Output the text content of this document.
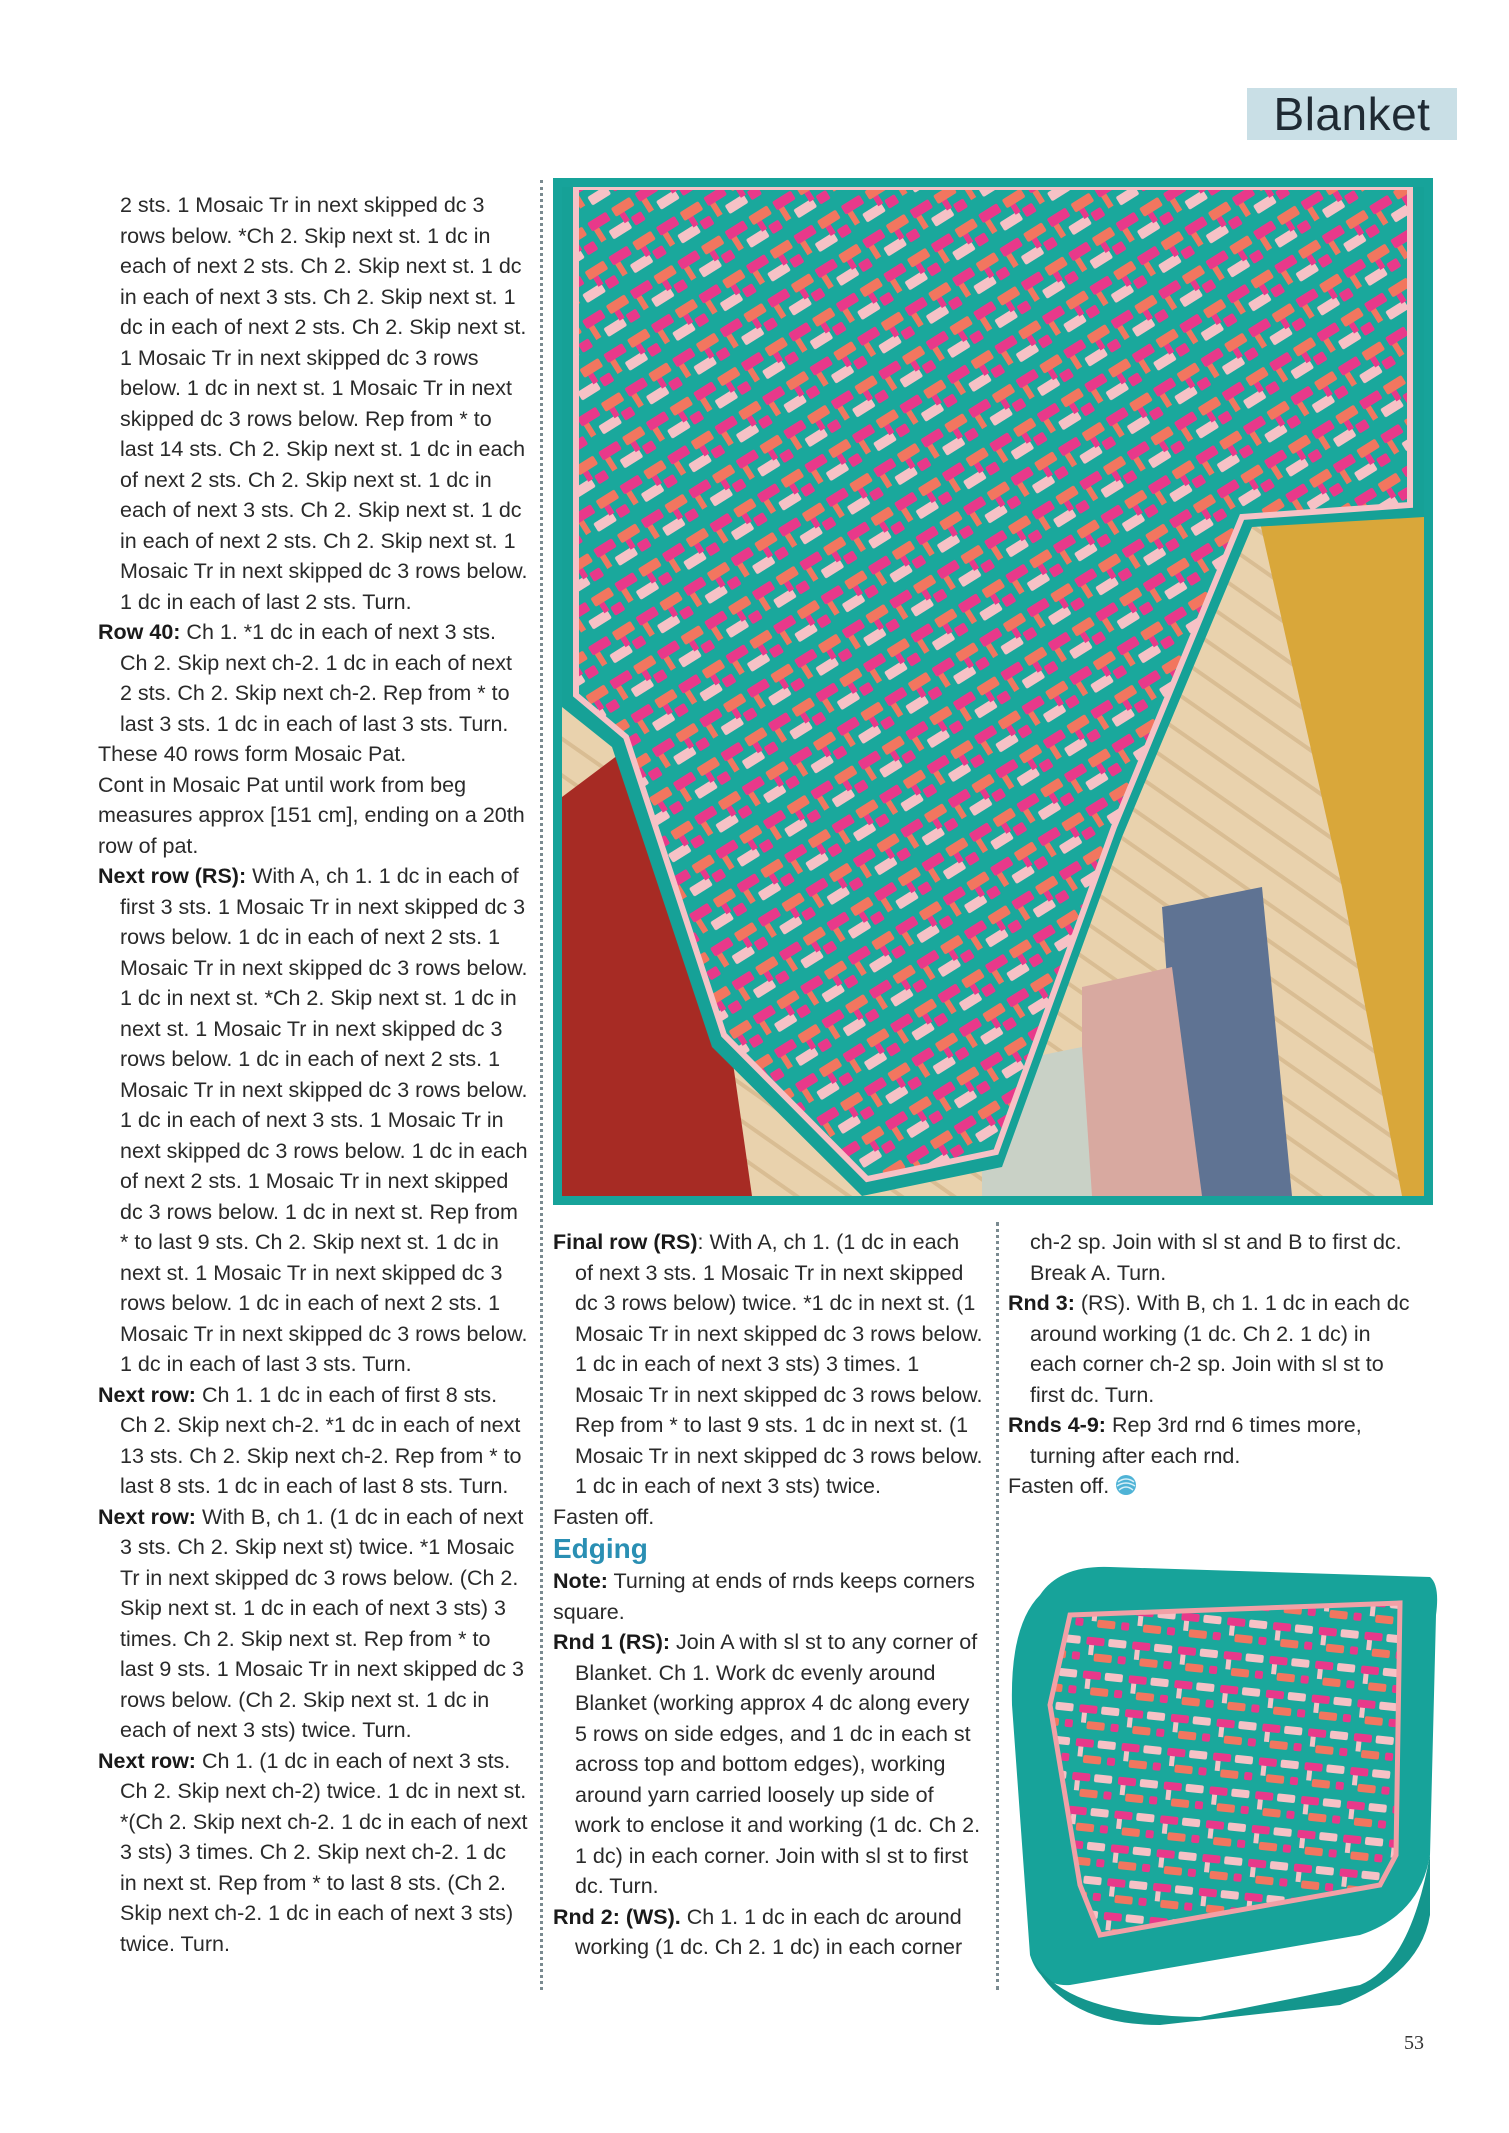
Blanket

2 sts. 1 Mosaic Tr in next skipped dc 3 rows below. *Ch 2. Skip next st. 1 dc in each of next 2 sts. Ch 2. Skip next st. 1 dc in each of next 3 sts. Ch 2. Skip next st. 1 dc in each of next 2 sts. Ch 2. Skip next st. 1 Mosaic Tr in next skipped dc 3 rows below. 1 dc in next st. 1 Mosaic Tr in next skipped dc 3 rows below. Rep from * to last 14 sts. Ch 2. Skip next st. 1 dc in each of next 2 sts. Ch 2. Skip next st. 1 dc in each of next 3 sts. Ch 2. Skip next st. 1 dc in each of next 2 sts. Ch 2. Skip next st. 1 Mosaic Tr in next skipped dc 3 rows below. 1 dc in each of last 2 sts. Turn.

Row 40: Ch 1. *1 dc in each of next 3 sts. Ch 2. Skip next ch-2. 1 dc in each of next 2 sts. Ch 2. Skip next ch-2. Rep from * to last 3 sts. 1 dc in each of last 3 sts. Turn.

These 40 rows form Mosaic Pat.

Cont in Mosaic Pat until work from beg measures approx [151 cm], ending on a 20th row of pat.

Next row (RS): With A, ch 1. 1 dc in each of first 3 sts. 1 Mosaic Tr in next skipped dc 3 rows below. 1 dc in each of next 2 sts. 1 Mosaic Tr in next skipped dc 3 rows below. 1 dc in next st. *Ch 2. Skip next st. 1 dc in next st. 1 Mosaic Tr in next skipped dc 3 rows below. 1 dc in each of next 2 sts. 1 Mosaic Tr in next skipped dc 3 rows below. 1 dc in each of next 3 sts. 1 Mosaic Tr in next skipped dc 3 rows below. 1 dc in each of next 2 sts. 1 Mosaic Tr in next skipped dc 3 rows below. 1 dc in next st. Rep from * to last 9 sts. Ch 2. Skip next st. 1 dc in next st. 1 Mosaic Tr in next skipped dc 3 rows below. 1 dc in each of next 2 sts. 1 Mosaic Tr in next skipped dc 3 rows below. 1 dc in each of last 3 sts. Turn.

Next row: Ch 1. 1 dc in each of first 8 sts. Ch 2. Skip next ch-2. *1 dc in each of next 13 sts. Ch 2. Skip next ch-2. Rep from * to last 8 sts. 1 dc in each of last 8 sts. Turn.

Next row: With B, ch 1. (1 dc in each of next 3 sts. Ch 2. Skip next st) twice. *1 Mosaic Tr in next skipped dc 3 rows below. (Ch 2. Skip next st. 1 dc in each of next 3 sts) 3 times. Ch 2. Skip next st. Rep from * to last 9 sts. 1 Mosaic Tr in next skipped dc 3 rows below. (Ch 2. Skip next st. 1 dc in each of next 3 sts) twice. Turn.

Next row: Ch 1. (1 dc in each of next 3 sts. Ch 2. Skip next ch-2) twice. 1 dc in next st. *(Ch 2. Skip next ch-2. 1 dc in each of next 3 sts) 3 times. Ch 2. Skip next ch-2. 1 dc in next st. Rep from * to last 8 sts. (Ch 2. Skip next ch-2. 1 dc in each of next 3 sts) twice. Turn.

Final row (RS): With A, ch 1. (1 dc in each of next 3 sts. 1 Mosaic Tr in next skipped dc 3 rows below) twice. *1 dc in next st. (1 Mosaic Tr in next skipped dc 3 rows below. 1 dc in each of next 3 sts) 3 times. 1 Mosaic Tr in next skipped dc 3 rows below. Rep from * to last 9 sts. 1 dc in next st. (1 Mosaic Tr in next skipped dc 3 rows below. 1 dc in each of next 3 sts) twice.

Fasten off.

Edging

Note: Turning at ends of rnds keeps corners square.

Rnd 1 (RS): Join A with sl st to any corner of Blanket. Ch 1. Work dc evenly around Blanket (working approx 4 dc along every 5 rows on side edges, and 1 dc in each st across top and bottom edges), working around yarn carried loosely up side of work to enclose it and working (1 dc. Ch 2. 1 dc) in each corner. Join with sl st to first dc. Turn.

Rnd 2: (WS). Ch 1. 1 dc in each dc around working (1 dc. Ch 2. 1 dc) in each corner

ch-2 sp. Join with sl st and B to first dc. Break A. Turn.

Rnd 3: (RS). With B, ch 1. 1 dc in each dc around working (1 dc. Ch 2. 1 dc) in each corner ch-2 sp. Join with sl st to first dc. Turn.

Rnds 4-9: Rep 3rd rnd 6 times more, turning after each rnd.

Fasten off.

53
